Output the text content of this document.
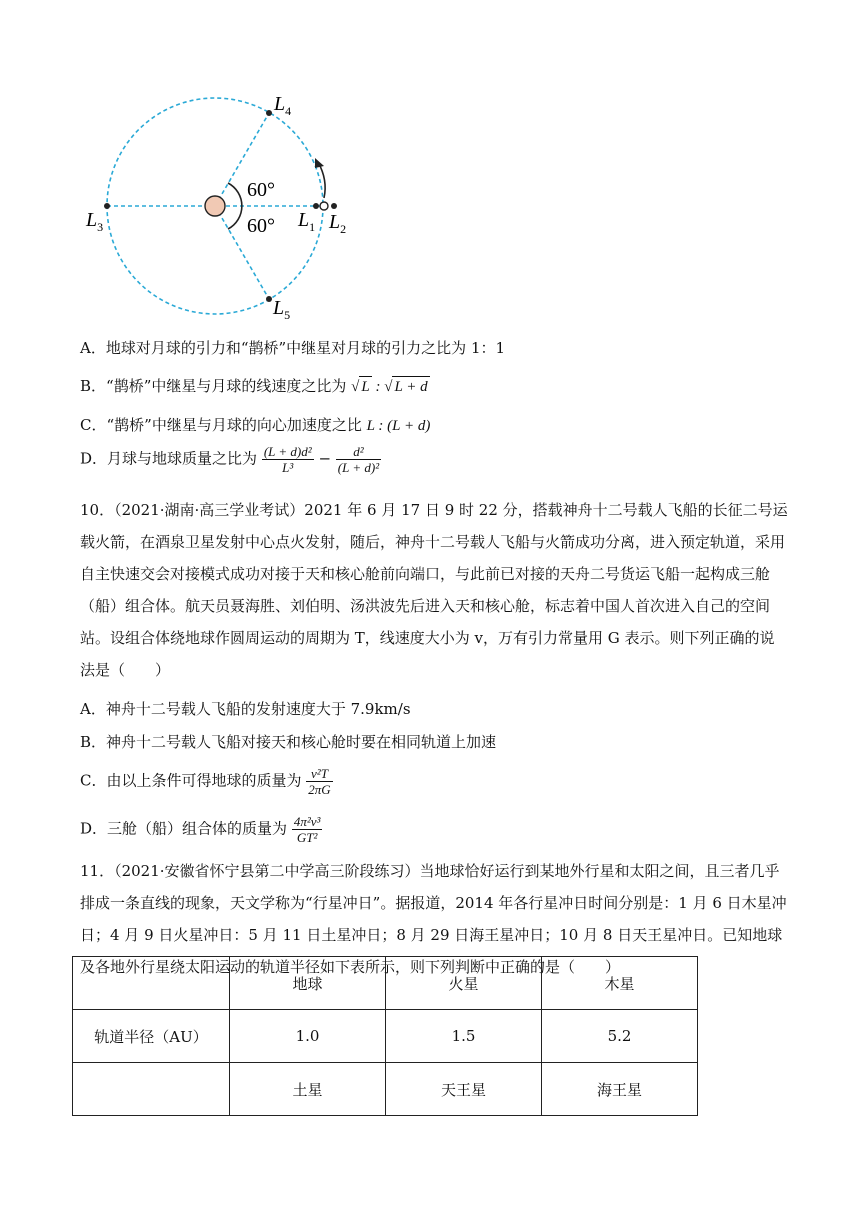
$L_4$
$L_3$	$L_1$ $L_2$
$L_5$
60°
60°
A．地球对月球的引力和“鹊桥”中继星对月球的引力之比为 1：1
B．“鹊桥”中继星与月球的线速度之比为 √ L : √ L + d
C．“鹊桥”中继星与月球的向心加速度之比 L : (L + d)
D．月球与地球质量之比为 $\frac{\text{(L + d)d²}}{\text{L³}} - \frac{\text{d²}}{\text{(L + d)²}}$
10．（2021·湖南·高三学业考试）2021 年 6 月 17 日 9 时 22 分，搭载神舟十二号载人飞船的长征二号运载火箭，在酒泉卫星发射中心点火发射，随后，神舟十二号载人飞船与火箭成功分离，进入预定轨道，采用自主快速交会对接模式成功对接于天和核心舱前向端口，与此前已对接的天舟二号货运飞船一起构成三舱（船）组合体。航天员聂海胜、刘伯明、汤洪波先后进入天和核心舱，标志着中国人首次进入自己的空间站。设组合体绕地球作圆周运动的周期为 T，线速度大小为 v，万有引力常量用 G 表示。则下列正确的说法是（　　）
A．神舟十二号载人飞船的发射速度大于 7.9km/s
B．神舟十二号载人飞船对接天和核心舱时要在相同轨道上加速
C．由以上条件可得地球的质量为 $\frac{\text{v²T}}{2\pi G}$
D．三舱（船）组合体的质量为 $\frac{\text{4π²v³}}{\text{GT²}}$
11．（2021·安徽省怀宁县第二中学高三阶段练习）当地球恰好运行到某地外行星和太阳之间，且三者几乎排成一条直线的现象，天文学称为“行星冲日”。据报道，2014 年各行星冲日时间分别是：1 月 6 日木星冲日；4 月 9 日火星冲日：5 月 11 日土星冲日；8 月 29 日海王星冲日；10 月 8 日天王星冲日。已知地球及各地外行星绕太阳运动的轨道半径如下表所示，则下列判断中正确的是（　　）
	地球	火星	木星
轨道半径（AU）	1.0	1.5	5.2
	土星	天王星	海王星
